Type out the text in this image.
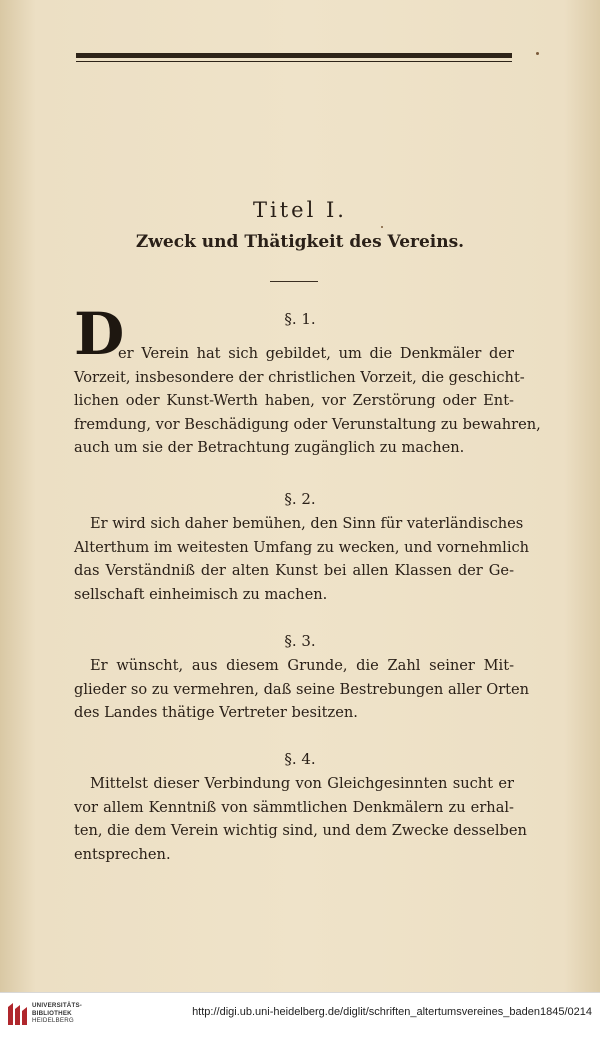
Titel I.
Zweck und Thätigkeit des Vereins.
§. 1.
D
er Verein hat sich gebildet, um die Denkmäler der
Vorzeit, insbesondere der christlichen Vorzeit, die geschicht-
lichen oder Kunst-Werth haben, vor Zerstörung oder Ent-
fremdung, vor Beschädigung oder Verunstaltung zu bewahren,
auch um sie der Betrachtung zugänglich zu machen.
§. 2.
Er wird sich daher bemühen, den Sinn für vaterländisches
Alterthum im weitesten Umfang zu wecken, und vornehmlich
das Verständniß der alten Kunst bei allen Klassen der Ge-
sellschaft einheimisch zu machen.
§. 3.
Er wünscht, aus diesem Grunde, die Zahl seiner Mit-
glieder so zu vermehren, daß seine Bestrebungen aller Orten
des Landes thätige Vertreter besitzen.
§. 4.
Mittelst dieser Verbindung von Gleichgesinnten sucht er
vor allem Kenntniß von sämmtlichen Denkmälern zu erhal-
ten, die dem Verein wichtig sind, und dem Zwecke desselben
entsprechen.
UNIVERSITÄTS-
BIBLIOTHEK
HEIDELBERG
http://digi.ub.uni-heidelberg.de/diglit/schriften_altertumsvereines_baden1845/0214
